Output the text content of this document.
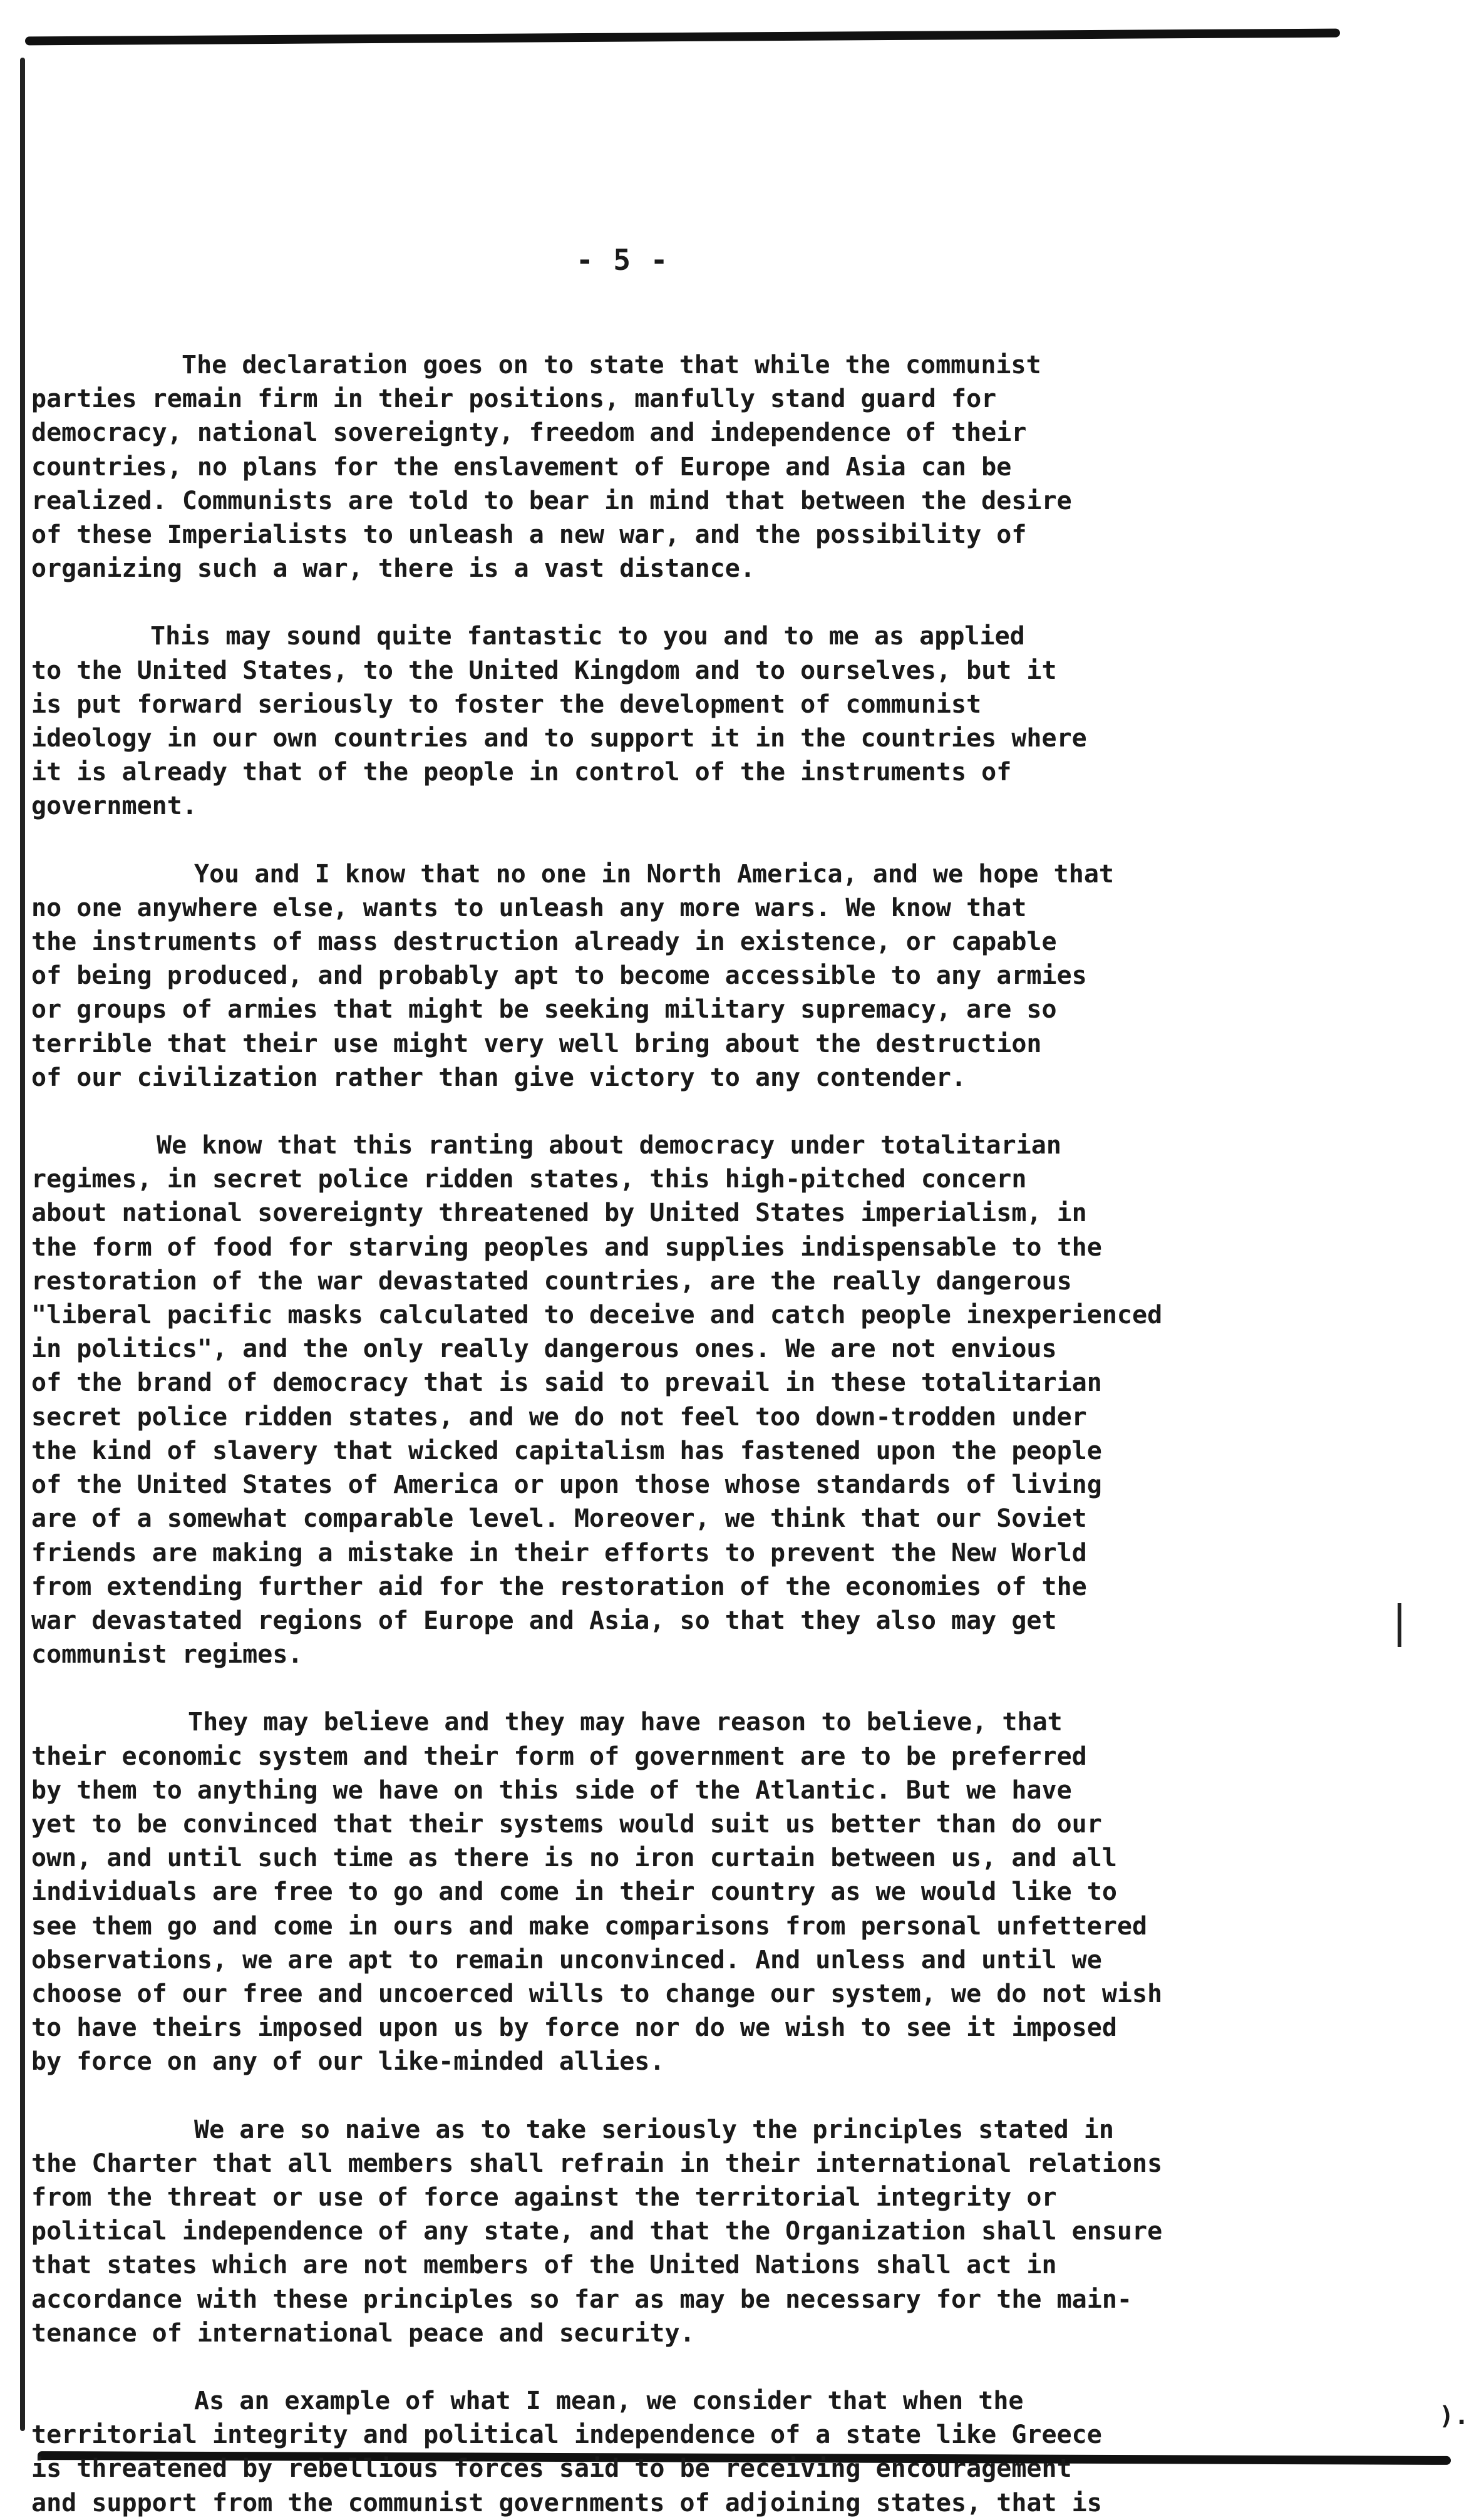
- 5 -

The declaration goes on to state that while the communist
parties remain firm in their positions, manfully stand guard for
democracy, national sovereignty, freedom and independence of their
countries, no plans for the enslavement of Europe and Asia can be
realized. Communists are told to bear in mind that between the desire
of these Imperialists to unleash a new war, and the possibility of
organizing such a war, there is a vast distance.

This may sound quite fantastic to you and to me as applied
to the United States, to the United Kingdom and to ourselves, but it
is put forward seriously to foster the development of communist
ideology in our own countries and to support it in the countries where
it is already that of the people in control of the instruments of
government.

You and I know that no one in North America, and we hope that
no one anywhere else, wants to unleash any more wars. We know that
the instruments of mass destruction already in existence, or capable
of being produced, and probably apt to become accessible to any armies
or groups of armies that might be seeking military supremacy, are so
terrible that their use might very well bring about the destruction
of our civilization rather than give victory to any contender.

We know that this ranting about democracy under totalitarian
regimes, in secret police ridden states, this high-pitched concern
about national sovereignty threatened by United States imperialism, in
the form of food for starving peoples and supplies indispensable to the
restoration of the war devastated countries, are the really dangerous
"liberal pacific masks calculated to deceive and catch people inexperienced
in politics", and the only really dangerous ones. We are not envious
of the brand of democracy that is said to prevail in these totalitarian
secret police ridden states, and we do not feel too down-trodden under
the kind of slavery that wicked capitalism has fastened upon the people
of the United States of America or upon those whose standards of living
are of a somewhat comparable level. Moreover, we think that our Soviet
friends are making a mistake in their efforts to prevent the New World
from extending further aid for the restoration of the economies of the
war devastated regions of Europe and Asia, so that they also may get
communist regimes.

They may believe and they may have reason to believe, that
their economic system and their form of government are to be preferred
by them to anything we have on this side of the Atlantic. But we have
yet to be convinced that their systems would suit us better than do our
own, and until such time as there is no iron curtain between us, and all
individuals are free to go and come in their country as we would like to
see them go and come in ours and make comparisons from personal unfettered
observations, we are apt to remain unconvinced. And unless and until we
choose of our free and uncoerced wills to change our system, we do not wish
to have theirs imposed upon us by force nor do we wish to see it imposed
by force on any of our like-minded allies.

We are so naive as to take seriously the principles stated in
the Charter that all members shall refrain in their international relations
from the threat or use of force against the territorial integrity or
political independence of any state, and that the Organization shall ensure
that states which are not members of the United Nations shall act in
accordance with these principles so far as may be necessary for the main-
tenance of international peace and security.

As an example of what I mean, we consider that when the
territorial integrity and political independence of a state like Greece
is threatened by rebellious forces said to be receiving encouragement
and support from the communist governments of adjoining states, that is

).
